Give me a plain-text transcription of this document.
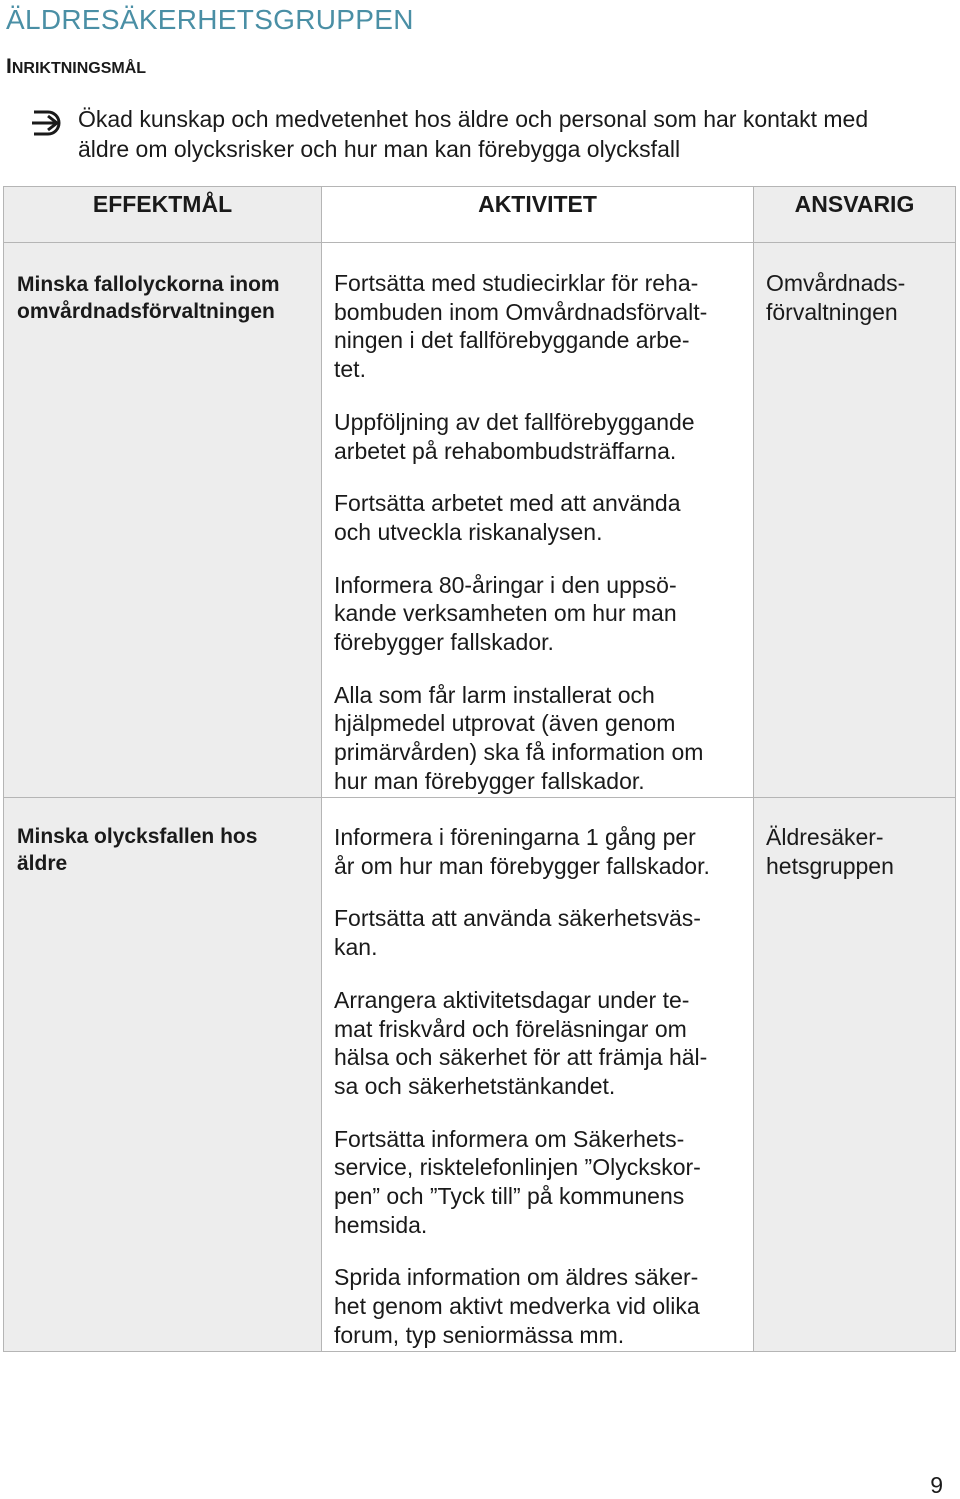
ÄLDRESÄKERHETSGRUPPEN
INRIKTNINGSMÅL
Ökad kunskap och medvetenhet hos äldre och personal som har kontakt med
äldre om olycksrisker och hur man kan förebygga olycksfall
EFFEKTMÅL	AKTIVITET	ANSVARIG
Minska fallolyckorna inom
omvårdnadsförvaltningen

Fortsätta med studiecirklar för reha-
bombuden inom Omvårdnadsförvalt-
ningen i det fallförebyggande arbe-
tet.

Uppföljning av det fallförebyggande
arbetet på rehabombudsträffarna.

Fortsätta arbetet med att använda
och utveckla riskanalysen.

Informera 80-åringar i den uppsö-
kande verksamheten om hur man
förebygger fallskador.

Alla som får larm installerat och
hjälpmedel utprovat (även genom
primärvården) ska få information om
hur man förebygger fallskador.

Omvårdnads-
förvaltningen
Minska olycksfallen hos
äldre

Informera i föreningarna 1 gång per
år om hur man förebygger fallskador.

Fortsätta att använda säkerhetsväs-
kan.

Arrangera aktivitetsdagar under te-
mat friskvård och föreläsningar om
hälsa och säkerhet för att främja häl-
sa och säkerhetstänkandet.

Fortsätta informera om Säkerhets-
service, risktelefonlinjen ”Olyckskor-
pen” och ”Tyck till” på kommunens
hemsida.

Sprida information om äldres säker-
het genom aktivt medverka vid olika
forum, typ seniormässa mm.

Äldresäker-
hetsgruppen
9
